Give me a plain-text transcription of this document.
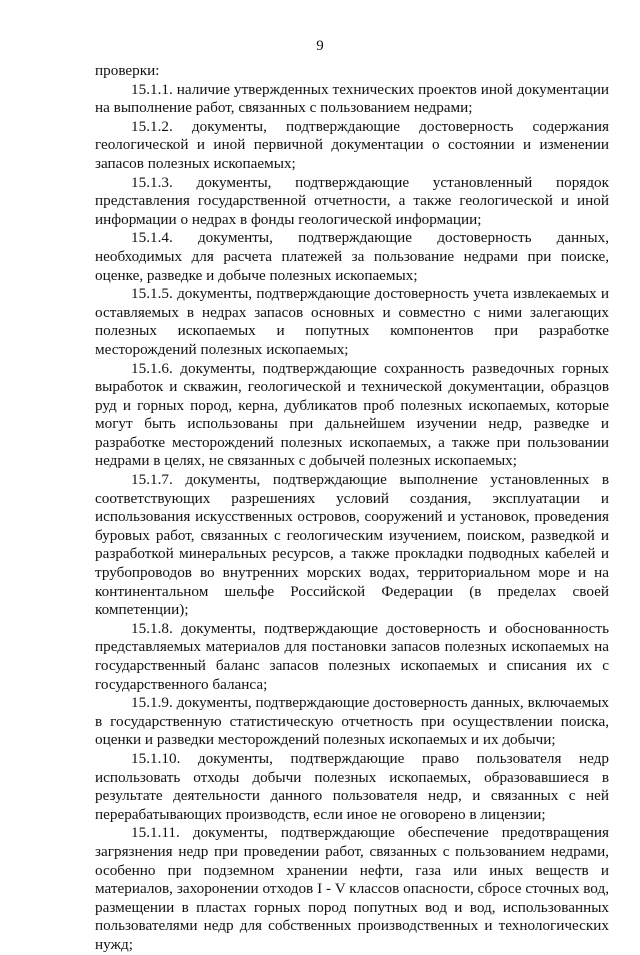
9

проверки:

15.1.1. наличие утвержденных технических проектов иной документации на выполнение работ, связанных с пользованием недрами;

15.1.2. документы, подтверждающие достоверность содержания геологической и иной первичной документации о состоянии и изменении запасов полезных ископаемых;

15.1.3. документы, подтверждающие установленный порядок представления государственной отчетности, а также геологической и иной информации о недрах в фонды геологической информации;

15.1.4. документы, подтверждающие достоверность данных, необходимых для расчета платежей за пользование недрами при поиске, оценке, разведке и добыче полезных ископаемых;

15.1.5. документы, подтверждающие достоверность учета извлекаемых и оставляемых в недрах запасов основных и совместно с ними залегающих полезных ископаемых и попутных компонентов при разработке месторождений полезных ископаемых;

15.1.6. документы, подтверждающие сохранность разведочных горных выработок и скважин, геологической и технической документации, образцов руд и горных пород, керна, дубликатов проб полезных ископаемых, которые могут быть использованы при дальнейшем изучении недр, разведке и разработке месторождений полезных ископаемых, а также при пользовании недрами в целях, не связанных с добычей полезных ископаемых;

15.1.7. документы, подтверждающие выполнение установленных в соответствующих разрешениях условий создания, эксплуатации и использования искусственных островов, сооружений и установок, проведения буровых работ, связанных с геологическим изучением, поиском, разведкой и разработкой минеральных ресурсов, а также прокладки подводных кабелей и трубопроводов во внутренних морских водах, территориальном море и на континентальном шельфе Российской Федерации (в пределах своей компетенции);

15.1.8. документы, подтверждающие достоверность и обоснованность представляемых материалов для постановки запасов полезных ископаемых на государственный баланс запасов полезных ископаемых и списания их с государственного баланса;

15.1.9. документы, подтверждающие достоверность данных, включаемых в государственную статистическую отчетность при осуществлении поиска, оценки и разведки месторождений полезных ископаемых и их добычи;

15.1.10. документы, подтверждающие право пользователя недр использовать отходы добычи полезных ископаемых, образовавшиеся в результате деятельности данного пользователя недр, и связанных с ней перерабатывающих производств, если иное не оговорено в лицензии;

15.1.11. документы, подтверждающие обеспечение предотвращения загрязнения недр при проведении работ, связанных с пользованием недрами, особенно при подземном хранении нефти, газа или иных веществ и материалов, захоронении отходов I - V классов опасности, сбросе сточных вод, размещении в пластах горных пород попутных вод и вод, использованных пользователями недр для собственных производственных и технологических нужд;
